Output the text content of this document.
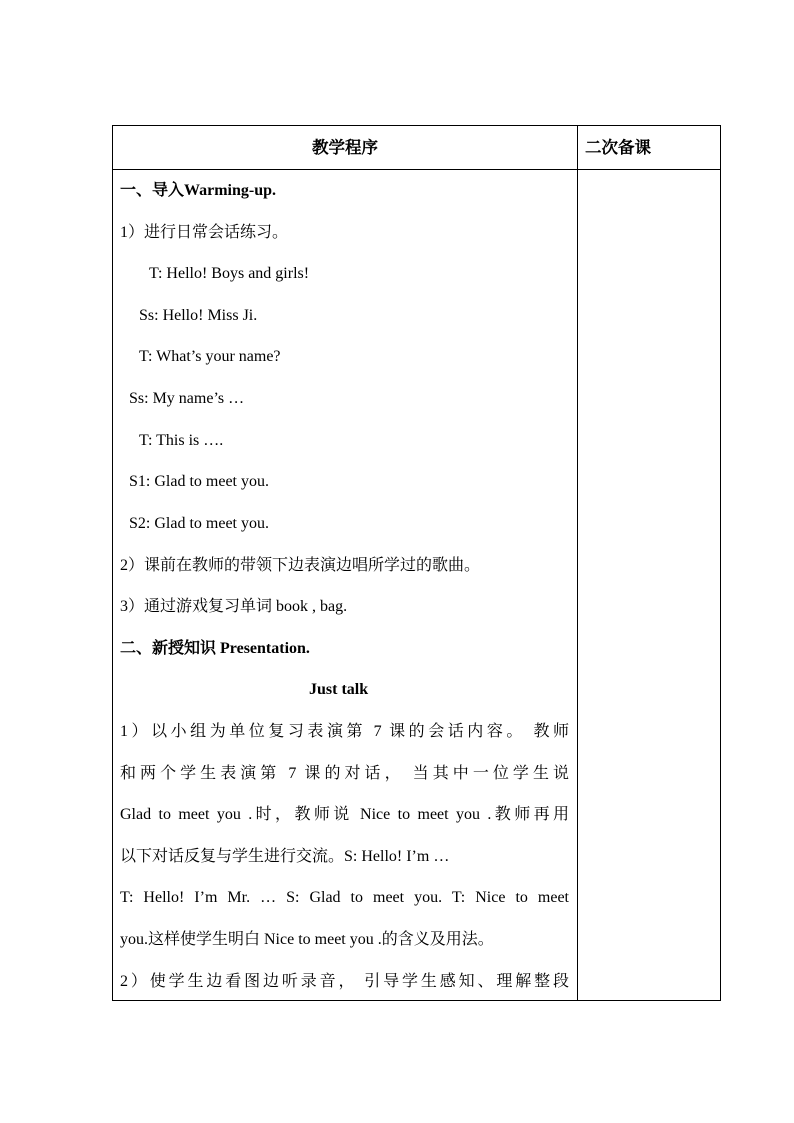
教学程序	二次备课
一、导入Warming-up.
1）进行日常会话练习。
T: Hello! Boys and girls!
Ss: Hello! Miss Ji.
T: What’s your name?
Ss: My name’s …
T: This is ….
S1: Glad to meet you.
S2: Glad to meet you.
2）课前在教师的带领下边表演边唱所学过的歌曲。
3）通过游戏复习单词 book , bag.
二、新授知识 Presentation.
Just talk
1）以小组为单位复习表演第 7 课的会话内容。 教师
和两个学生表演第 7 课的对话， 当其中一位学生说
Glad to meet you .时，教师说 Nice to meet you .教师再用
以下对话反复与学生进行交流。S: Hello! I’m …
T: Hello! I’m Mr. … S: Glad to meet you. T: Nice to meet
you.这样使学生明白 Nice to meet you .的含义及用法。
2）使学生边看图边听录音， 引导学生感知、理解整段
